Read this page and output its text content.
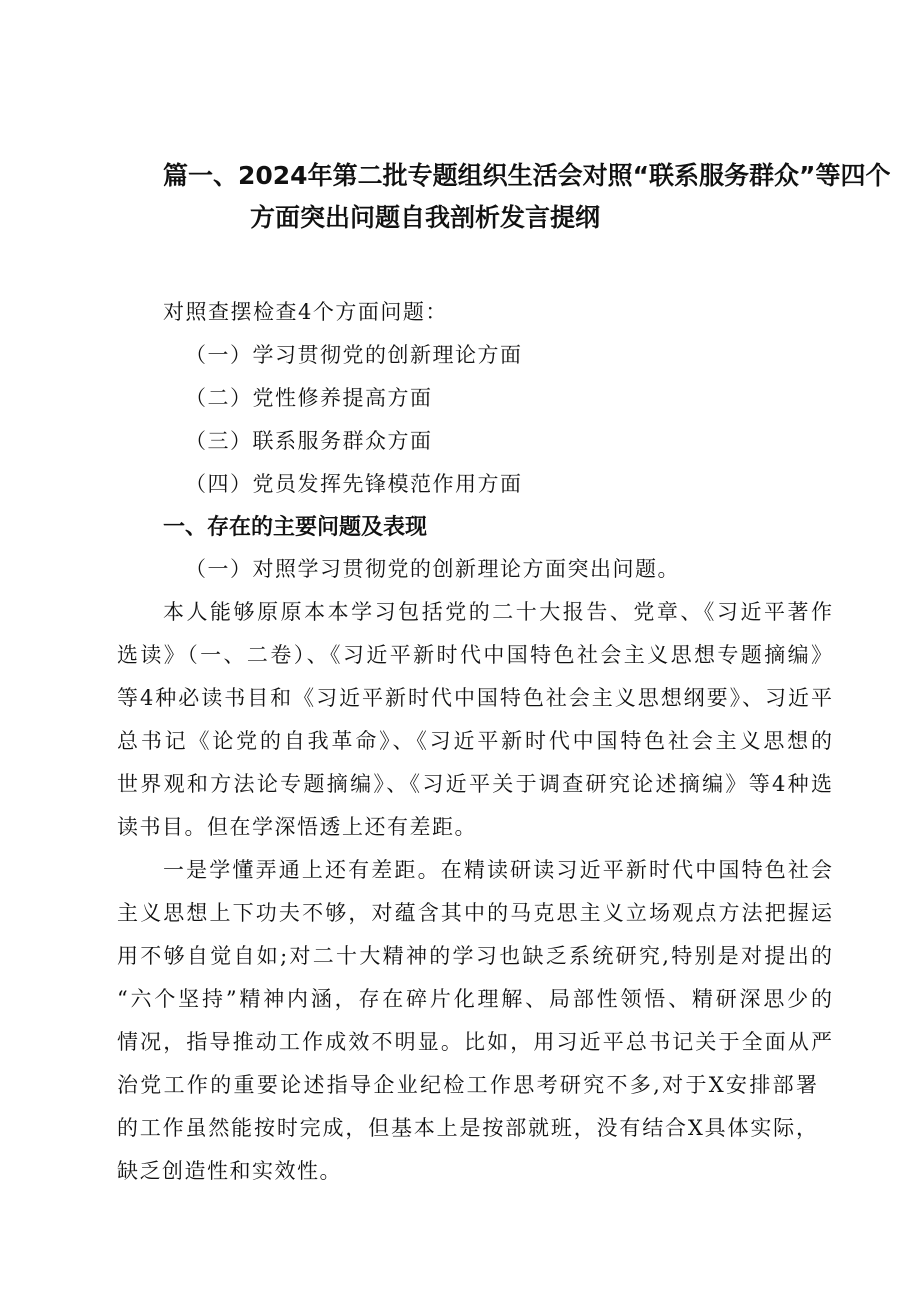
篇一、2024年第二批专题组织生活会对照“联系服务群众”等四个
方面突出问题自我剖析发言提纲
对照查摆检查4个方面问题：
（一）学习贯彻党的创新理论方面
（二）党性修养提高方面
（三）联系服务群众方面
（四）党员发挥先锋模范作用方面
一、存在的主要问题及表现
（一）对照学习贯彻党的创新理论方面突出问题。
本人能够原原本本学习包括党的二十大报告、党章、《习近平著作
选读》（一、二卷）、《习近平新时代中国特色社会主义思想专题摘编》
等4种必读书目和《习近平新时代中国特色社会主义思想纲要》、习近平
总书记《论党的自我革命》、《习近平新时代中国特色社会主义思想的
世界观和方法论专题摘编》、《习近平关于调查研究论述摘编》等4种选
读书目。但在学深悟透上还有差距。
一是学懂弄通上还有差距。在精读研读习近平新时代中国特色社会
主义思想上下功夫不够，对蕴含其中的马克思主义立场观点方法把握运
用不够自觉自如;对二十大精神的学习也缺乏系统研究,特别是对提出的
“六个坚持”精神内涵，存在碎片化理解、局部性领悟、精研深思少的
情况，指导推动工作成效不明显。比如，用习近平总书记关于全面从严
治党工作的重要论述指导企业纪检工作思考研究不多,对于X安排部署
的工作虽然能按时完成，但基本上是按部就班，没有结合X具体实际，
缺乏创造性和实效性。
